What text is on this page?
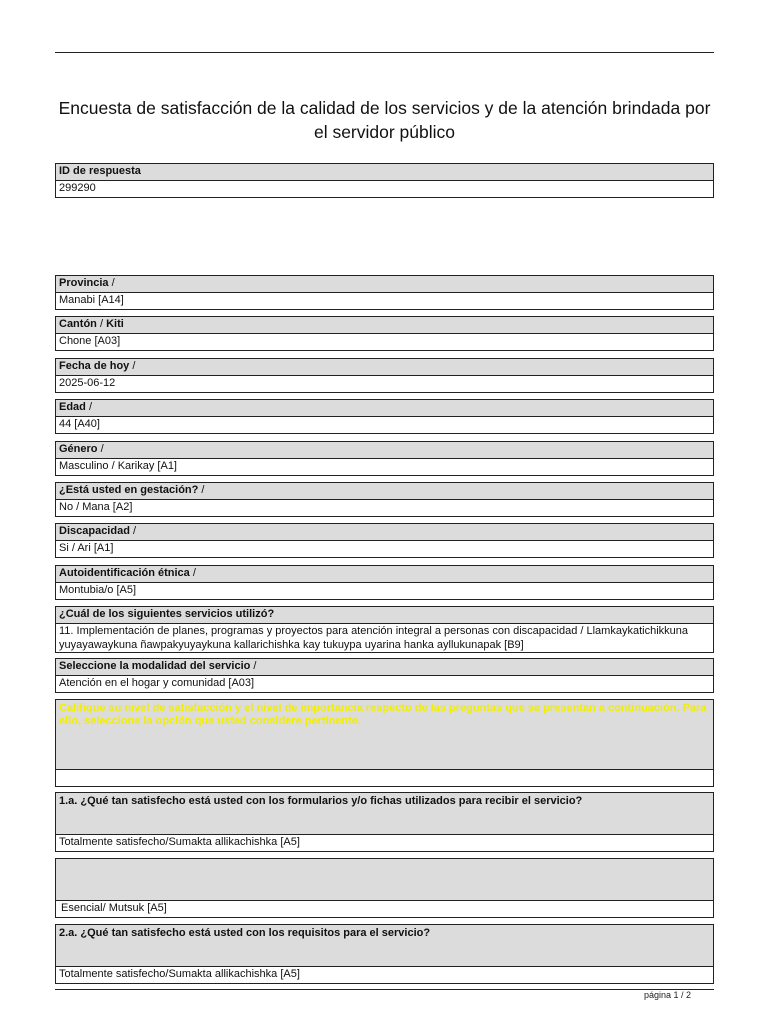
Encuesta de satisfacción de la calidad de los servicios y de la atención brindada por el servidor público
ID de respuesta
299290
Provincia /
Manabi [A14]
Cantón / Kiti
Chone [A03]
Fecha de hoy /
2025-06-12
Edad /
44 [A40]
Género /
Masculino / Karikay [A1]
¿Está usted en gestación? /
No / Mana [A2]
Discapacidad /
Si / Ari [A1]
Autoidentificación étnica /
Montubia/o [A5]
¿Cuál de los siguientes servicios utilizó?
11. Implementación de planes, programas y proyectos para atención integral a personas con discapacidad / Llamkaykatichikkuna yuyayawaykuna ñawpakyuyaykuna kallarichishka kay tukuypa uyarina hanka ayllukunapak [B9]
Seleccione la modalidad del servicio /
Atención en el hogar y comunidad [A03]
Califique su nivel de satisfacción y el nivel de importancia respecto de las preguntas que se presentan a continuación. Para ello, seleccione la opción que usted considere pertinente.
1.a. ¿Qué tan satisfecho está usted con los formularios y/o fichas utilizados para recibir el servicio?
Totalmente satisfecho/Sumakta allikachishka [A5]
Esencial/ Mutsuk [A5]
2.a. ¿Qué tan satisfecho está usted con los requisitos para el servicio?
Totalmente satisfecho/Sumakta allikachishka [A5]
página 1 / 2
